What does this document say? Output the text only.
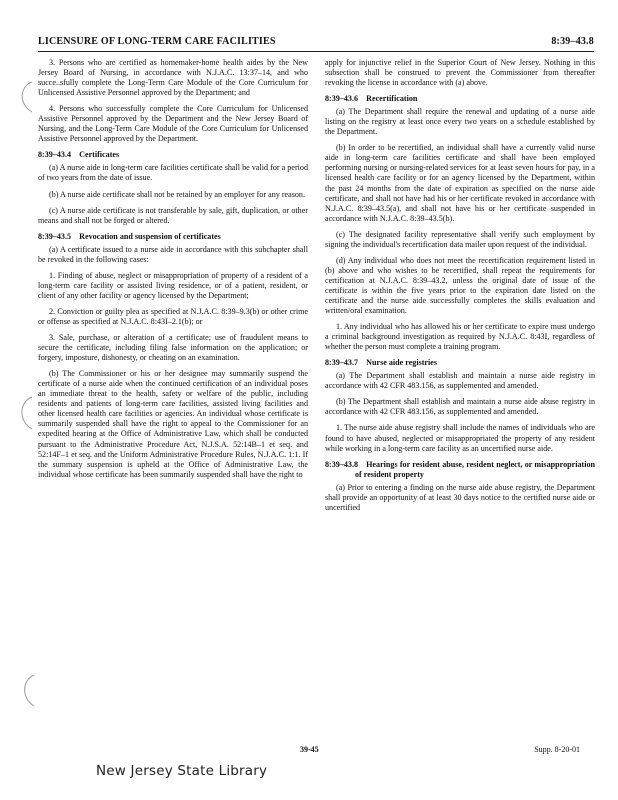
LICENSURE OF LONG-TERM CARE FACILITIES	8:39–43.8

3. Persons who are certified as homemaker-home health aides by the New Jersey Board of Nursing, in accordance with N.J.A.C. 13:37–14, and who succe..sfully complete the Long-Term Care Module of the Core Curriculum for Unlicensed Assistive Personnel approved by the Department; and

4. Persons who successfully complete the Core Curriculum for Unlicensed Assistive Personnel approved by the Department and the New Jersey Board of Nursing, and the Long-Term Care Module of the Core Curriculum for Unlicensed Assistive Personnel approved by the Department.

8:39–43.4  Certificates

(a) A nurse aide in long-term care facilities certificate shall be valid for a period of two years from the date of issue.

(b) A nurse aide certificate shall not be retained by an employer for any reason.

(c) A nurse aide certificate is not transferable by sale, gift, duplication, or other means and shall not be forged or altered.

8:39–43.5  Revocation and suspension of certificates

(a) A certificate issued to a nurse aide in accordance with this subchapter shall be revoked in the following cases:

1. Finding of abuse, neglect or misappropriation of property of a resident of a long-term care facility or assisted living residence, or of a patient, resident, or client of any other facility or agency licensed by the Department;

2. Conviction or guilty plea as specified at N.J.A.C. 8:39–9.3(b) or other crime or offense as specified at N.J.A.C. 8:43I–2.1(b); or

3. Sale, purchase, or alteration of a certificate; use of fraudulent means to secure the certificate, including filing false information on the application; or forgery, imposture, dishonesty, or cheating on an examination.

(b) The Commissioner or his or her designee may summarily suspend the certificate of a nurse aide when the continued certification of an individual poses an immediate threat to the health, safety or welfare of the public, including residents and patients of long-term care facilities, assisted living facilities and other licensed health care facilities or agencies. An individual whose certificate is summarily suspended shall have the right to appeal to the Commissioner for an expedited hearing at the Office of Administrative Law, which shall be conducted pursuant to the Administrative Procedure Act, N.J.S.A. 52:14B–1 et seq. and 52:14F–1 et seq. and the Uniform Administrative Procedure Rules, N.J.A.C. 1:1. If the summary suspension is upheld at the Office of Administrative Law, the individual whose certificate has been summarily suspended shall have the right to

apply for injunctive relief in the Superior Court of New Jersey. Nothing in this subsection shall be construed to prevent the Commissioner from thereafter revoking the license in accordance with (a) above.

8:39–43.6  Recertification

(a) The Department shall require the renewal and updating of a nurse aide listing on the registry at least once every two years on a schedule established by the Department.

(b) In order to be recertified, an individual shall have a currently valid nurse aide in long-term care facilities certificate and shall have been employed performing nursing or nursing-related services for at least seven hours for pay, in a licensed health care facility or for an agency licensed by the Department, within the past 24 months from the date of expiration as specified on the nurse aide certificate, and shall not have had his or her certificate revoked in accordance with N.J.A.C. 8:39–43.5(a), and shall not have his or her certificate suspended in accordance with N.J.A.C. 8:39–43.5(b).

(c) The designated facility representative shall verify such employment by signing the individual's recertification data mailer upon request of the individual.

(d) Any individual who does not meet the recertification requirement listed in (b) above and who wishes to be recertified, shall repeat the requirements for certification at N.J.A.C. 8:39–43.2, unless the original date of issue of the certificate is within the five years prior to the expiration date listed on the certificate and the nurse aide successfully completes the skills evaluation and written/oral examination.

1. Any individual who has allowed his or her certificate to expire must undergo a criminal background investigation as required by N.J.A.C. 8:43I, regardless of whether the person must complete a training program.

8:39–43.7  Nurse aide registries

(a) The Department shall establish and maintain a nurse aide registry in accordance with 42 CFR 483.156, as supplemented and amended.

(b) The Department shall establish and maintain a nurse aide abuse registry in accordance with 42 CFR 483.156, as supplemented and amended.

1. The nurse aide abuse registry shall include the names of individuals who are found to have abused, neglected or misappropriated the property of any resident while working in a long-term care facility as an uncertified nurse aide.

8:39–43.8  Hearings for resident abuse, resident neglect, or misappropriation of resident property

(a) Prior to entering a finding on the nurse aide abuse registry, the Department shall provide an opportunity of at least 30 days notice to the certified nurse aide or uncertified

39-45	Supp. 8-20-01
New Jersey State Library
